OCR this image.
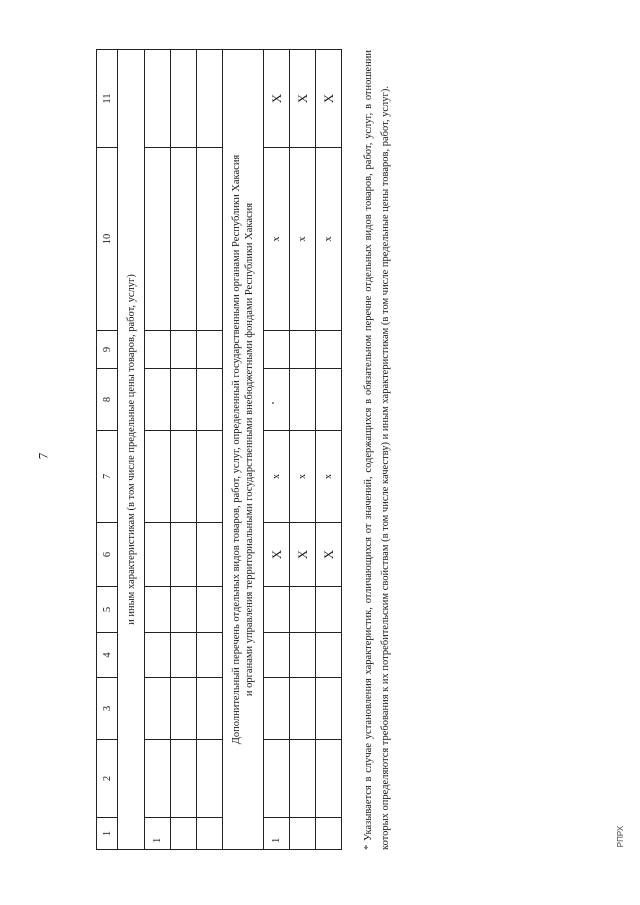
7
1	2	3	4	5	6	7	8	9	10	11
и иным характеристикам (в том числе предельные цены товаров, работ, услуг)										
1										

Дополнительный перечень отдельных видов товаров, работ, услуг, определенный государственными органами Республики Хакасия и органами управления территориальными государственными внебюджетными фондами Республики Хакасия										

1					X	x			x	X
					X	x			x	X
					X	x			x	X	* Указывается в случае установления характеристик, отличающихся от значений, содержащихся в обязательном перечне отдельных видов товаров, работ, услуг, в отношении которых определяются требования к их потребительским свойствам (в том числе качеству) и иным характеристикам (в том числе предельные цены товаров, работ, услуг).	РПРХ
